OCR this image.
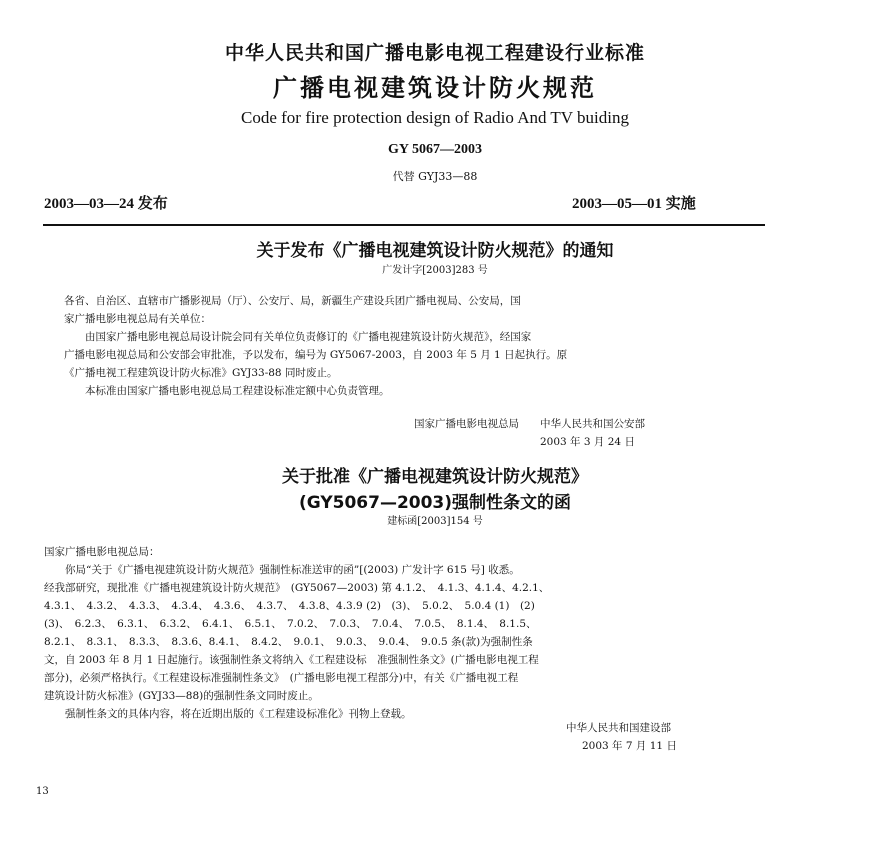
中华人民共和国广播电影电视工程建设行业标准
广播电视建筑设计防火规范
Code for fire protection design of Radio And TV buiding
GY 5067—2003
代替 GYJ33—88
2003—03—24 发布	2003—05—01 实施
关于发布《广播电视建筑设计防火规范》的通知
广发计字[2003]283 号
各省、自治区、直辖市广播影视局（厅）、公安厅、局，新疆生产建设兵团广播电视局、公安局，国
家广播电影电视总局有关单位：
由国家广播电影电视总局设计院会同有关单位负责修订的《广播电视建筑设计防火规范》，经国家
广播电影电视总局和公安部会审批准，予以发布，编号为 GY5067-2003，自 2003 年 5 月 1 日起执行。原
《广播电视工程建筑设计防火标准》GYJ33-88 同时废止。
本标准由国家广播电影电视总局工程建设标准定额中心负责管理。
国家广播电影电视总局　　中华人民共和国公安部
2003 年 3 月 24 日
关于批准《广播电视建筑设计防火规范》
(GY5067—2003)强制性条文的函
建标函[2003]154 号
国家广播电影电视总局：
你局“关于《广播电视建筑设计防火规范》强制性标准送审的函”[(2003) 广发计字 615 号] 收悉。
经我部研究，现批准《广播电视建筑设计防火规范》　(GY5067—2003) 第 4.1.2、　4.1.3、4.1.4、4.2.1、
4.3.1、　4.3.2、　4.3.3、　4.3.4、　4.3.6、　4.3.7、　4.3.8、4.3.9 (2)　(3)、　5.0.2、　5.0.4 (1)　(2)
(3)、　6.2.3、　6.3.1、　6.3.2、　6.4.1、　6.5.1、　7.0.2、　7.0.3、　7.0.4、　7.0.5、　8.1.4、　8.1.5、
8.2.1、　8.3.1、　8.3.3、　8.3.6、8.4.1、　8.4.2、　9.0.1、　9.0.3、　9.0.4、　9.0.5 条(款)为强制性条
文，自 2003 年 8 月 1 日起施行。该强制性条文将纳入《工程建设标　准强制性条文》(广播电影电视工程
部分)，必须严格执行。《工程建设标准强制性条文》　(广播电影电视工程部分)中，有关《广播电视工程
建筑设计防火标准》(GYJ33—88)的强制性条文同时废止。
强制性条文的具体内容，将在近期出版的《工程建设标准化》刊物上登载。
中华人民共和国建设部
2003 年 7 月 11 日
13
